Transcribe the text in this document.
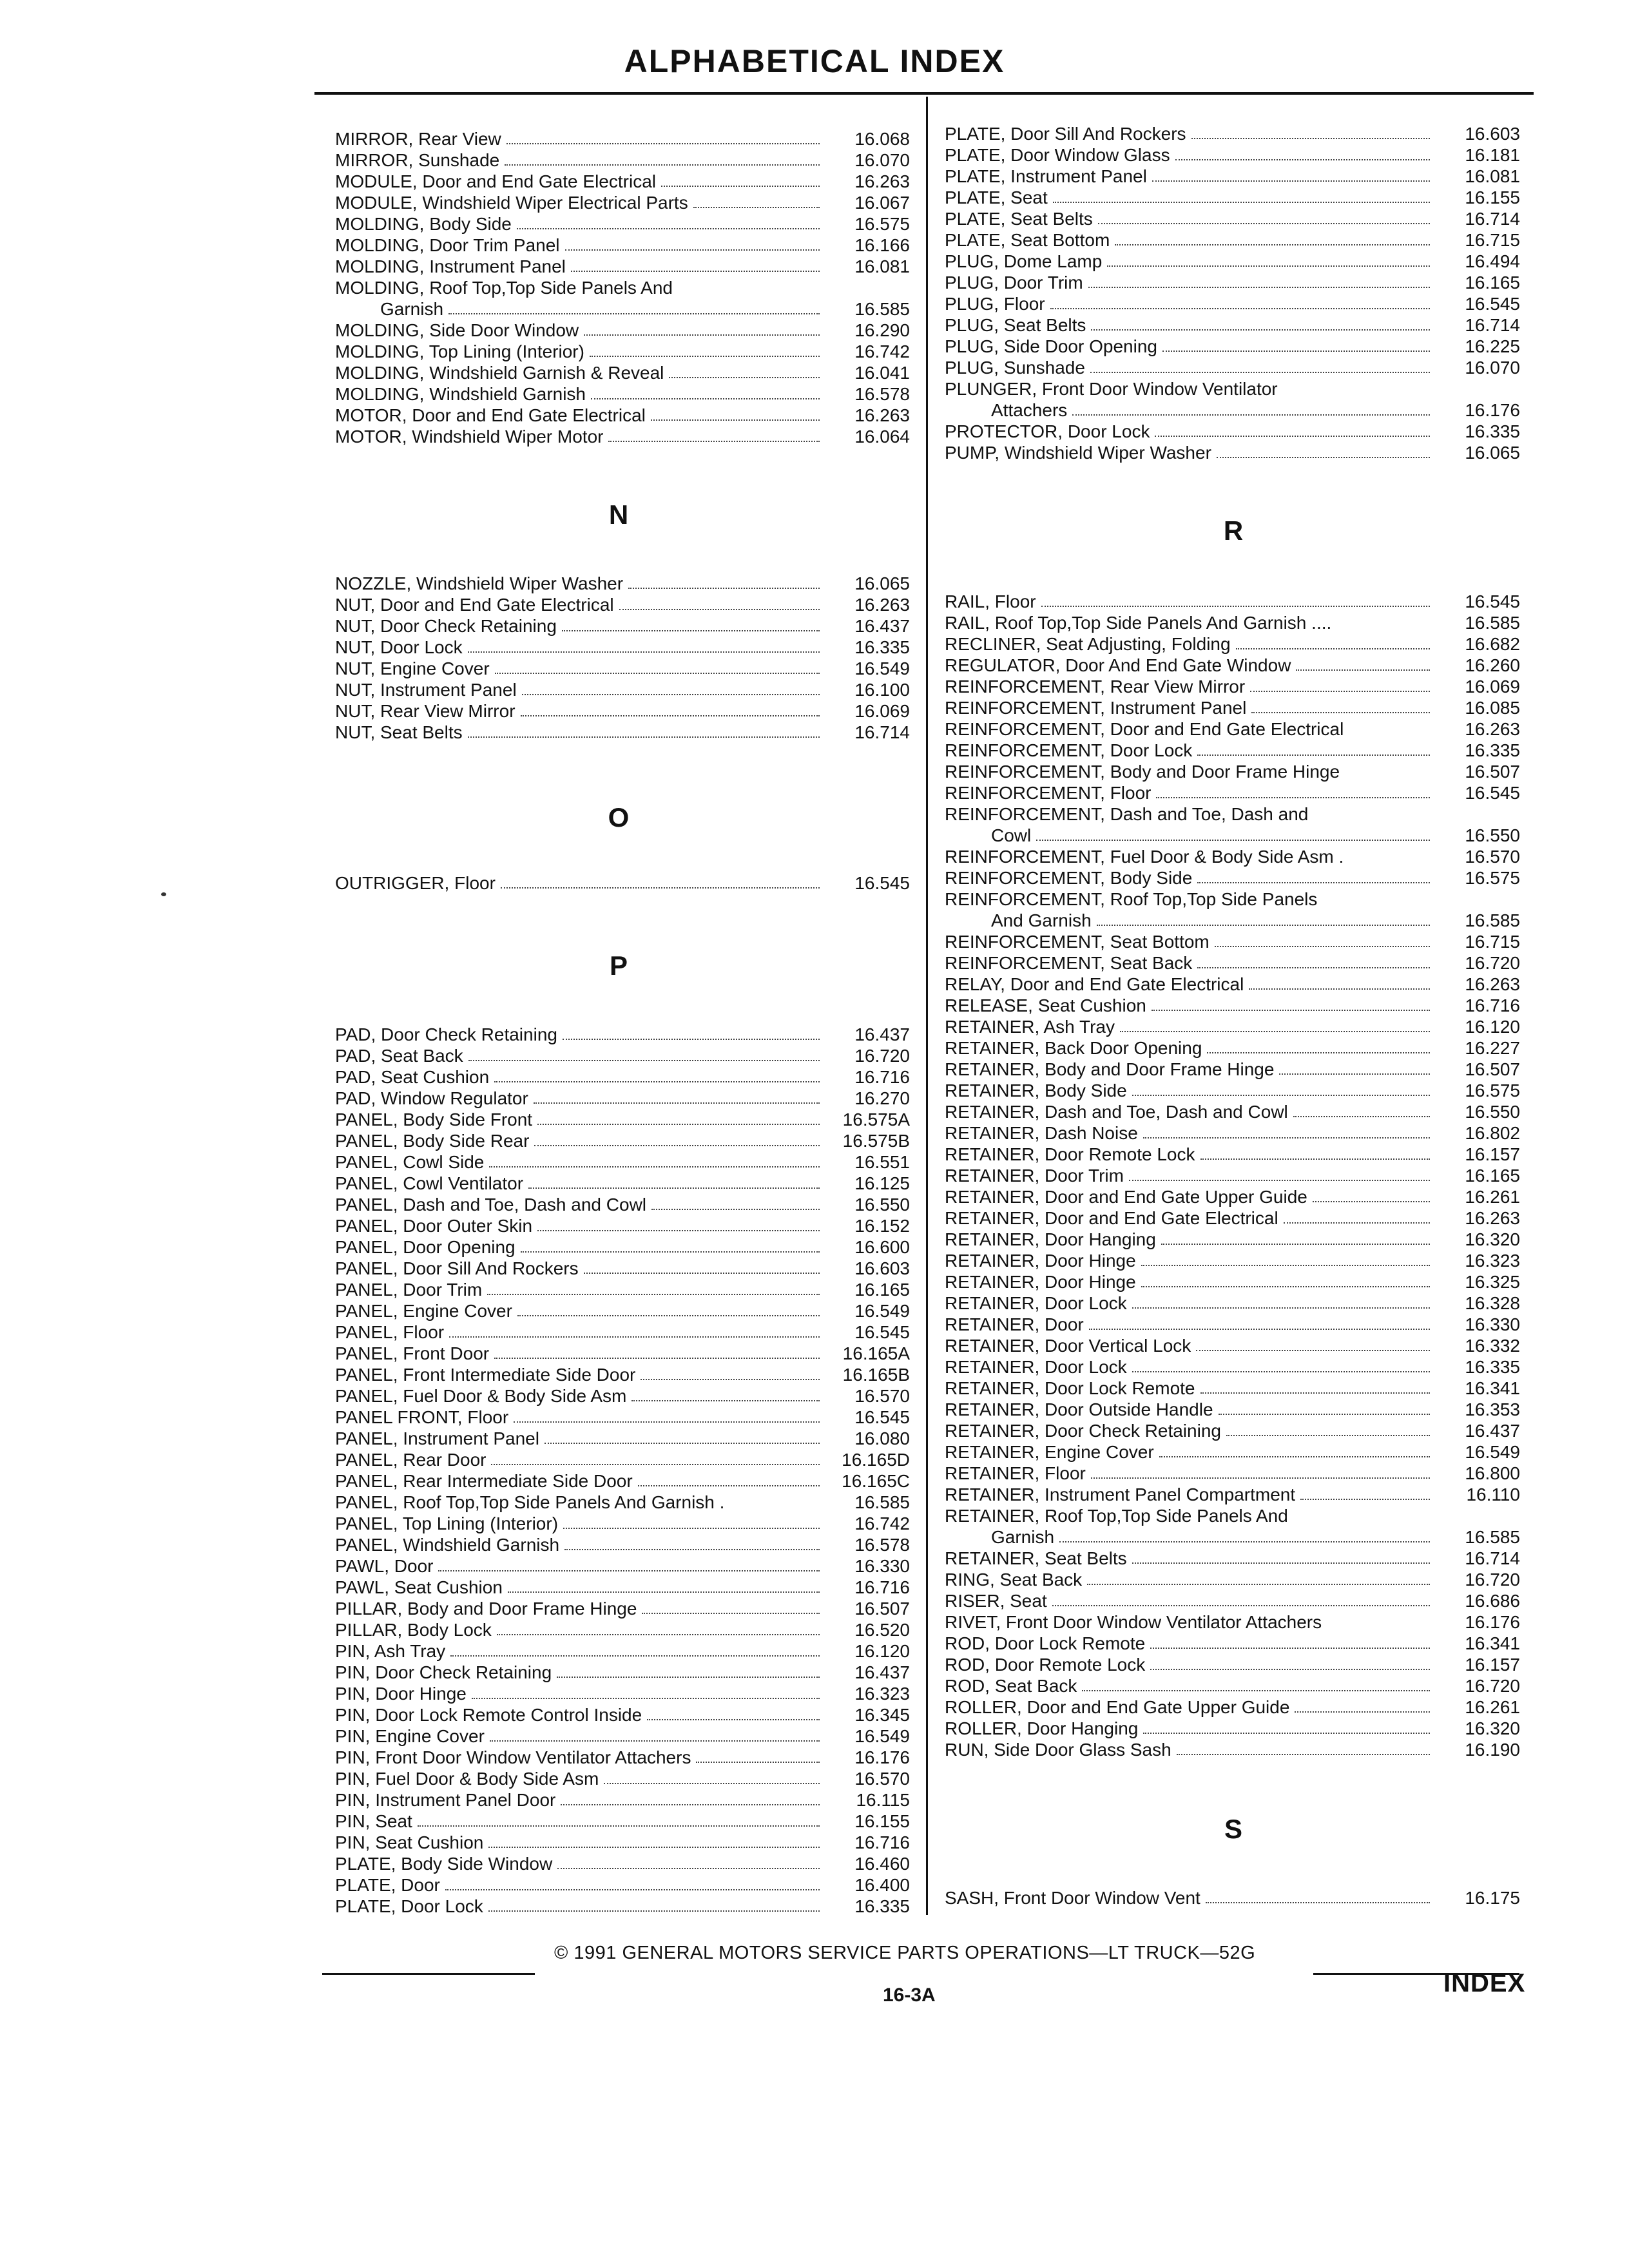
ALPHABETICAL INDEX
© 1991 GENERAL MOTORS SERVICE PARTS OPERATIONS—LT TRUCK—52G
16-3A	INDEX
MIRROR, Rear View	16.068
MIRROR, Sunshade	16.070
MODULE, Door and End Gate Electrical	16.263
MODULE, Windshield Wiper Electrical Parts	16.067
MOLDING, Body Side	16.575
MOLDING, Door Trim Panel	16.166
MOLDING, Instrument Panel	16.081
MOLDING, Roof Top,Top Side Panels And
Garnish	16.585
MOLDING, Side Door Window	16.290
MOLDING, Top Lining (Interior)	16.742
MOLDING, Windshield Garnish & Reveal	16.041
MOLDING, Windshield Garnish	16.578
MOTOR, Door and End Gate Electrical	16.263
MOTOR, Windshield Wiper Motor	16.064
N
NOZZLE, Windshield Wiper Washer	16.065
NUT, Door and End Gate Electrical	16.263
NUT, Door Check Retaining	16.437
NUT, Door Lock	16.335
NUT, Engine Cover	16.549
NUT, Instrument Panel	16.100
NUT, Rear View Mirror	16.069
NUT, Seat Belts	16.714
O
OUTRIGGER, Floor	16.545
P
PAD, Door Check Retaining	16.437
PAD, Seat Back	16.720
PAD, Seat Cushion	16.716
PAD, Window Regulator	16.270
PANEL, Body Side Front	16.575A
PANEL, Body Side Rear	16.575B
PANEL, Cowl Side	16.551
PANEL, Cowl Ventilator	16.125
PANEL, Dash and Toe, Dash and Cowl	16.550
PANEL, Door Outer Skin	16.152
PANEL, Door Opening	16.600
PANEL, Door Sill And Rockers	16.603
PANEL, Door Trim	16.165
PANEL, Engine Cover	16.549
PANEL, Floor	16.545
PANEL, Front Door	16.165A
PANEL, Front Intermediate Side Door	16.165B
PANEL, Fuel Door & Body Side Asm	16.570
PANEL FRONT, Floor	16.545
PANEL, Instrument Panel	16.080
PANEL, Rear Door	16.165D
PANEL, Rear Intermediate Side Door	16.165C
PANEL, Roof Top,Top Side Panels And Garnish .	16.585
PANEL, Top Lining (Interior)	16.742
PANEL, Windshield Garnish	16.578
PAWL, Door	16.330
PAWL, Seat Cushion	16.716
PILLAR, Body and Door Frame Hinge	16.507
PILLAR, Body Lock	16.520
PIN, Ash Tray	16.120
PIN, Door Check Retaining	16.437
PIN, Door Hinge	16.323
PIN, Door Lock Remote Control Inside	16.345
PIN, Engine Cover	16.549
PIN, Front Door Window Ventilator Attachers	16.176
PIN, Fuel Door & Body Side Asm	16.570
PIN, Instrument Panel Door	16.115
PIN, Seat	16.155
PIN, Seat Cushion	16.716
PLATE, Body Side Window	16.460
PLATE, Door	16.400
PLATE, Door Lock	16.335
PLATE, Door Sill And Rockers	16.603
PLATE, Door Window Glass	16.181
PLATE, Instrument Panel	16.081
PLATE, Seat	16.155
PLATE, Seat Belts	16.714
PLATE, Seat Bottom	16.715
PLUG, Dome Lamp	16.494
PLUG, Door Trim	16.165
PLUG, Floor	16.545
PLUG, Seat Belts	16.714
PLUG, Side Door Opening	16.225
PLUG, Sunshade	16.070
PLUNGER, Front Door Window Ventilator
Attachers	16.176
PROTECTOR, Door Lock	16.335
PUMP, Windshield Wiper Washer	16.065
R
RAIL, Floor	16.545
RAIL, Roof Top,Top Side Panels And Garnish ....	16.585
RECLINER, Seat Adjusting, Folding	16.682
REGULATOR, Door And End Gate Window	16.260
REINFORCEMENT, Rear View Mirror	16.069
REINFORCEMENT, Instrument Panel	16.085
REINFORCEMENT, Door and End Gate Electrical	16.263
REINFORCEMENT, Door Lock	16.335
REINFORCEMENT, Body and Door Frame Hinge	16.507
REINFORCEMENT, Floor	16.545
REINFORCEMENT, Dash and Toe, Dash and
Cowl	16.550
REINFORCEMENT, Fuel Door & Body Side Asm .	16.570
REINFORCEMENT, Body Side	16.575
REINFORCEMENT, Roof Top,Top Side Panels
And Garnish	16.585
REINFORCEMENT, Seat Bottom	16.715
REINFORCEMENT, Seat Back	16.720
RELAY, Door and End Gate Electrical	16.263
RELEASE, Seat Cushion	16.716
RETAINER, Ash Tray	16.120
RETAINER, Back Door Opening	16.227
RETAINER, Body and Door Frame Hinge	16.507
RETAINER, Body Side	16.575
RETAINER, Dash and Toe, Dash and Cowl	16.550
RETAINER, Dash Noise	16.802
RETAINER, Door Remote Lock	16.157
RETAINER, Door Trim	16.165
RETAINER, Door and End Gate Upper Guide	16.261
RETAINER, Door and End Gate Electrical	16.263
RETAINER, Door Hanging	16.320
RETAINER, Door Hinge	16.323
RETAINER, Door Hinge	16.325
RETAINER, Door Lock	16.328
RETAINER, Door	16.330
RETAINER, Door Vertical Lock	16.332
RETAINER, Door Lock	16.335
RETAINER, Door Lock Remote	16.341
RETAINER, Door Outside Handle	16.353
RETAINER, Door Check Retaining	16.437
RETAINER, Engine Cover	16.549
RETAINER, Floor	16.800
RETAINER, Instrument Panel Compartment	16.110
RETAINER, Roof Top,Top Side Panels And
Garnish	16.585
RETAINER, Seat Belts	16.714
RING, Seat Back	16.720
RISER, Seat	16.686
RIVET, Front Door Window Ventilator Attachers	16.176
ROD, Door Lock Remote	16.341
ROD, Door Remote Lock	16.157
ROD, Seat Back	16.720
ROLLER, Door and End Gate Upper Guide	16.261
ROLLER, Door Hanging	16.320
RUN, Side Door Glass Sash	16.190
S
SASH, Front Door Window Vent	16.175
